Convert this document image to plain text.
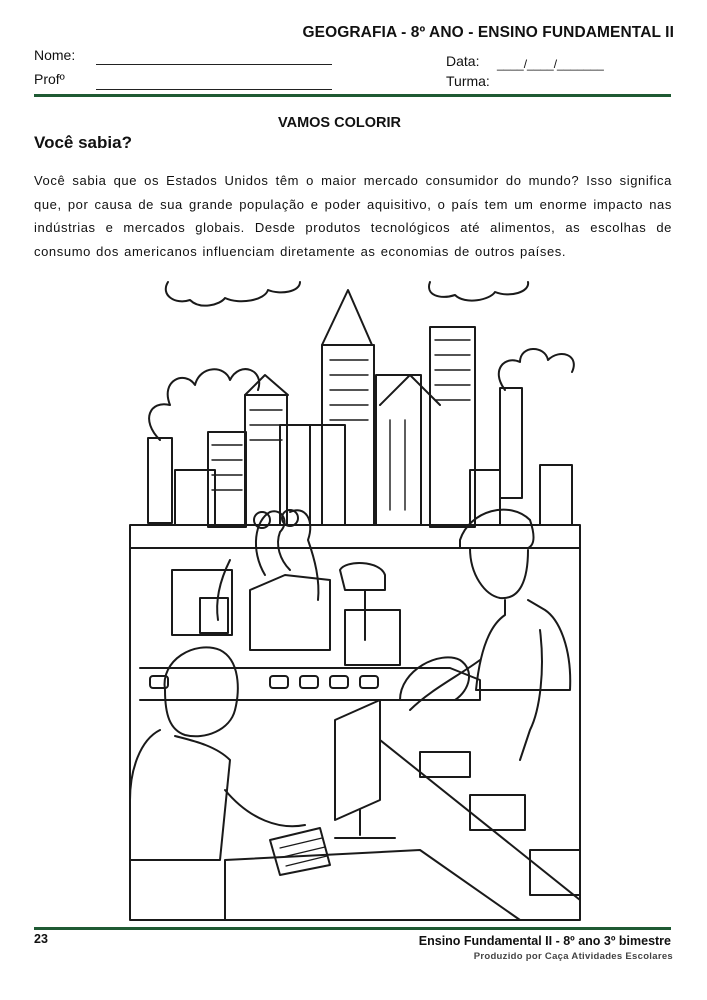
GEOGRAFIA - 8º ANO - ENSINO FUNDAMENTAL II
Nome:
Profº
Data: ____/____/_______
Turma:
VAMOS COLORIR
Você sabia?
Você sabia que os Estados Unidos têm o maior mercado consumidor do mundo? Isso significa que, por causa de sua grande população e poder aquisitivo, o país tem um enorme impacto nas indústrias e mercados globais. Desde produtos tecnológicos até alimentos, as escolhas de consumo dos americanos influenciam diretamente as economias de outros países.
23	Ensino Fundamental II - 8º ano 3º bimestre
Produzido por Caça Atividades Escolares
